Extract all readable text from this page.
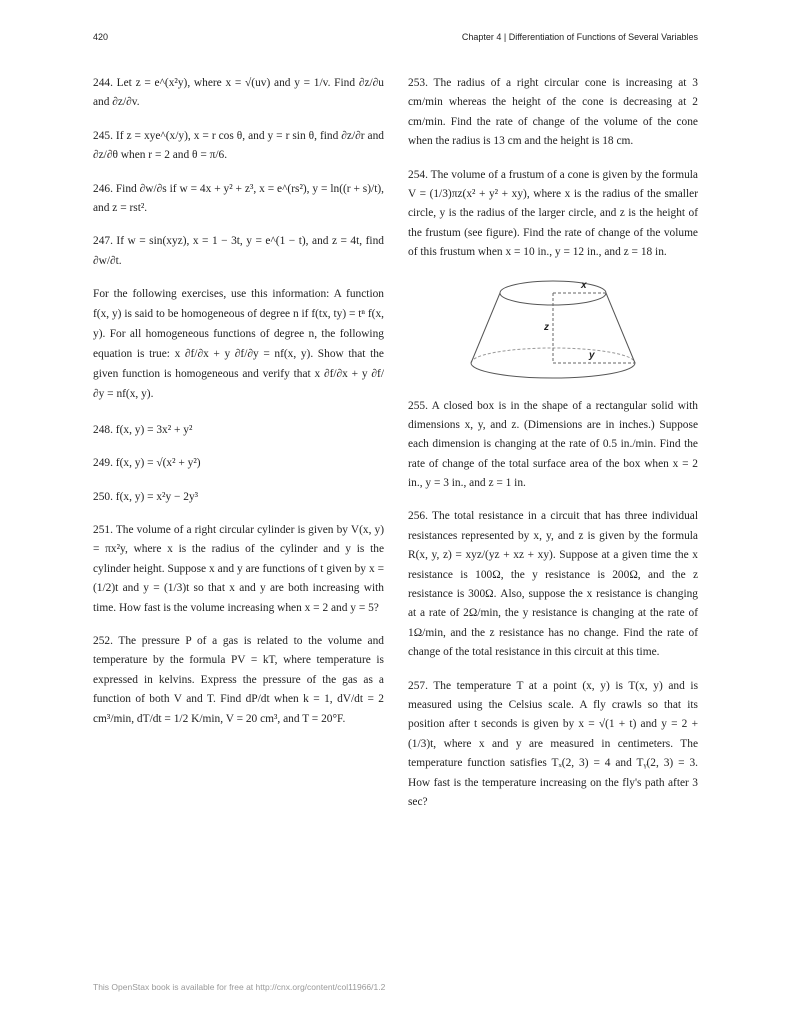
420	Chapter 4 | Differentiation of Functions of Several Variables
244. Let z = e^(x²y), where x = √(uv) and y = 1/v. Find ∂z/∂u and ∂z/∂v.
245. If z = xye^(x/y), x = r cos θ, and y = r sin θ, find ∂z/∂r and ∂z/∂θ when r = 2 and θ = π/6.
246. Find ∂w/∂s if w = 4x + y² + z³, x = e^(rs²), y = ln((r + s)/t), and z = rst².
247. If w = sin(xyz), x = 1 − 3t, y = e^(1 − t), and z = 4t, find ∂w/∂t.
For the following exercises, use this information: A function f(x, y) is said to be homogeneous of degree n if f(tx, ty) = tⁿ f(x, y). For all homogeneous functions of degree n, the following equation is true: x ∂f/∂x + y ∂f/∂y = nf(x, y). Show that the given function is homogeneous and verify that x ∂f/∂x + y ∂f/∂y = nf(x, y).
248. f(x, y) = 3x² + y²
249. f(x, y) = √(x² + y²)
250. f(x, y) = x²y − 2y³
251. The volume of a right circular cylinder is given by V(x, y) = πx²y, where x is the radius of the cylinder and y is the cylinder height. Suppose x and y are functions of t given by x = (1/2)t and y = (1/3)t so that x and y are both increasing with time. How fast is the volume increasing when x = 2 and y = 5?
252. The pressure P of a gas is related to the volume and temperature by the formula PV = kT, where temperature is expressed in kelvins. Express the pressure of the gas as a function of both V and T. Find dP/dt when k = 1, dV/dt = 2 cm³/min, dT/dt = 1/2 K/min, V = 20 cm³, and T = 20°F.
253. The radius of a right circular cone is increasing at 3 cm/min whereas the height of the cone is decreasing at 2 cm/min. Find the rate of change of the volume of the cone when the radius is 13 cm and the height is 18 cm.
254. The volume of a frustum of a cone is given by the formula V = (1/3)πz(x² + y² + xy), where x is the radius of the smaller circle, y is the radius of the larger circle, and z is the height of the frustum (see figure). Find the rate of change of the volume of this frustum when x = 10 in., y = 12 in., and z = 18 in.
x
z
y
255. A closed box is in the shape of a rectangular solid with dimensions x, y, and z. (Dimensions are in inches.) Suppose each dimension is changing at the rate of 0.5 in./min. Find the rate of change of the total surface area of the box when x = 2 in., y = 3 in., and z = 1 in.
256. The total resistance in a circuit that has three individual resistances represented by x, y, and z is given by the formula R(x, y, z) = xyz/(yz + xz + xy). Suppose at a given time the x resistance is 100Ω, the y resistance is 200Ω, and the z resistance is 300Ω. Also, suppose the x resistance is changing at a rate of 2Ω/min, the y resistance is changing at the rate of 1Ω/min, and the z resistance has no change. Find the rate of change of the total resistance in this circuit at this time.
257. The temperature T at a point (x, y) is T(x, y) and is measured using the Celsius scale. A fly crawls so that its position after t seconds is given by x = √(1 + t) and y = 2 + (1/3)t, where x and y are measured in centimeters. The temperature function satisfies Tₓ(2, 3) = 4 and Tᵧ(2, 3) = 3. How fast is the temperature increasing on the fly's path after 3 sec?
This OpenStax book is available for free at http://cnx.org/content/col11966/1.2
